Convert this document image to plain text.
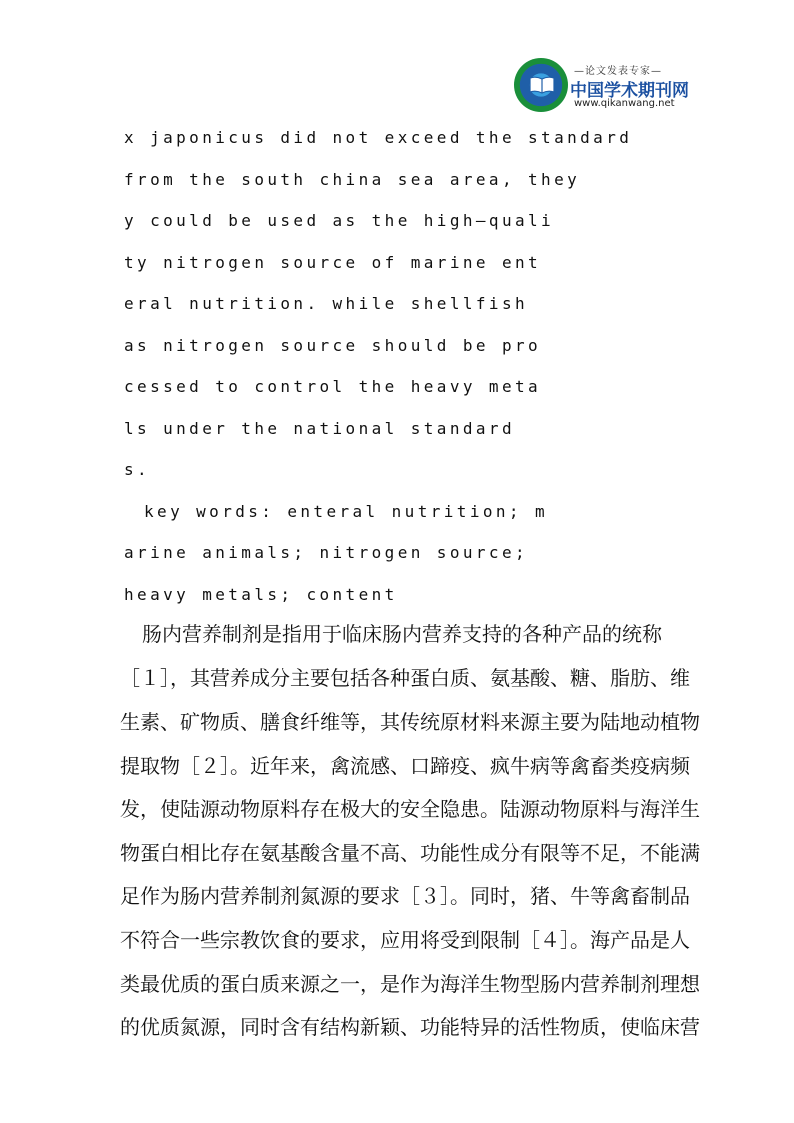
—论文发表专家—
中国学术期刊网
www.qikanwang.net
x japonicus did not exceed the standard
from the south china sea area, they
y could be used as the high—quali
ty nitrogen source of marine ent
eral nutrition. while shellfish
as nitrogen source should be pro
cessed to control the heavy meta
ls under the national standard
s.
key words: enteral nutrition; m
arine animals; nitrogen source;
heavy metals; content
肠内营养制剂是指用于临床肠内营养支持的各种产品的统称
［１］，其营养成分主要包括各种蛋白质、氨基酸、糖、脂肪、维
生素、矿物质、膳食纤维等，其传统原材料来源主要为陆地动植物
提取物［２］。近年来，禽流感、口蹄疫、疯牛病等禽畜类疫病频
发，使陆源动物原料存在极大的安全隐患。陆源动物原料与海洋生
物蛋白相比存在氨基酸含量不高、功能性成分有限等不足，不能满
足作为肠内营养制剂氮源的要求［３］。同时，猪、牛等禽畜制品
不符合一些宗教饮食的要求，应用将受到限制［４］。海产品是人
类最优质的蛋白质来源之一，是作为海洋生物型肠内营养制剂理想
的优质氮源，同时含有结构新颖、功能特异的活性物质，使临床营
